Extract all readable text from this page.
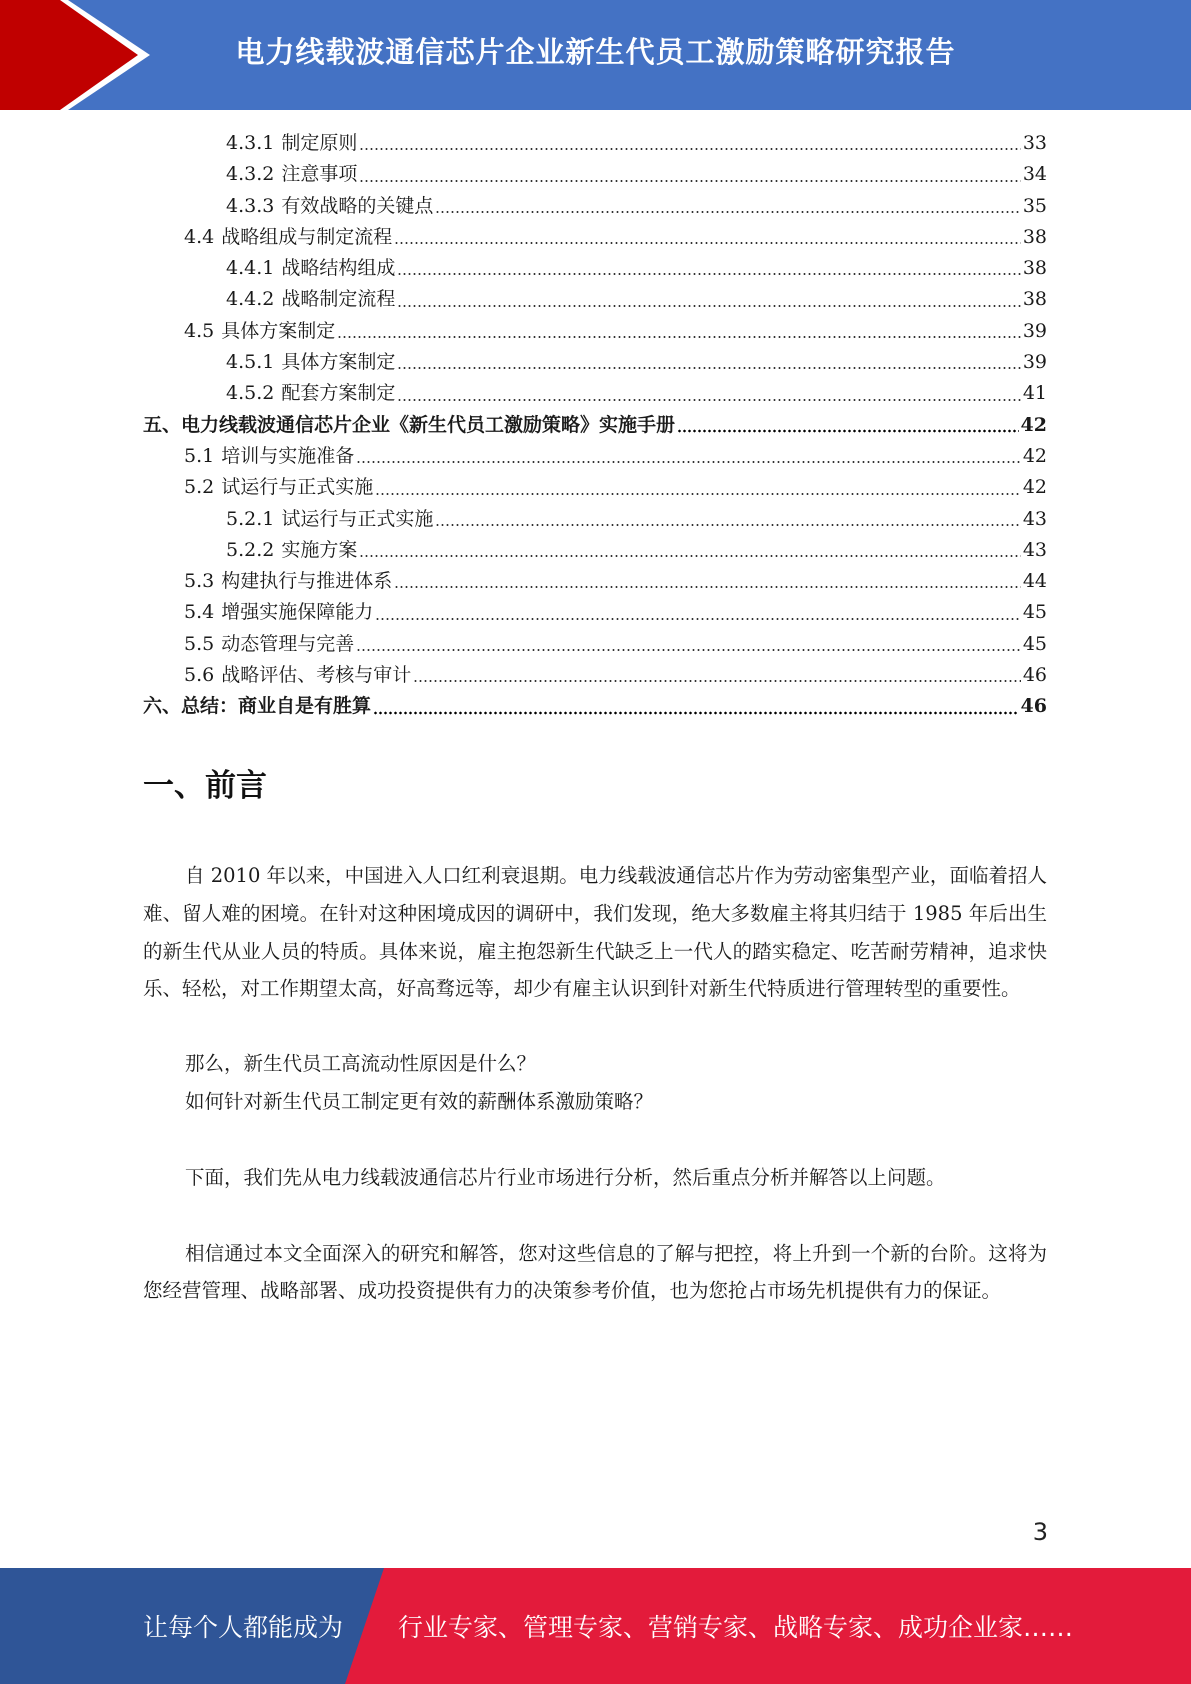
电力线载波通信芯片企业新生代员工激励策略研究报告
4.3.1 制定原则	33
4.3.2 注意事项	34
4.3.3 有效战略的关键点	35
4.4 战略组成与制定流程	38
4.4.1 战略结构组成	38
4.4.2 战略制定流程	38
4.5 具体方案制定	39
4.5.1 具体方案制定	39
4.5.2 配套方案制定	41
五、电力线载波通信芯片企业《新生代员工激励策略》实施手册	42
5.1 培训与实施准备	42
5.2 试运行与正式实施	42
5.2.1 试运行与正式实施	43
5.2.2 实施方案	43
5.3 构建执行与推进体系	44
5.4 增强实施保障能力	45
5.5 动态管理与完善	45
5.6 战略评估、考核与审计	46
六、总结：商业自是有胜算	46
一、前言

自 2010 年以来，中国进入人口红利衰退期。电力线载波通信芯片作为劳动密集型产业，面临着招人难、留人难的困境。在针对这种困境成因的调研中，我们发现，绝大多数雇主将其归结于 1985 年后出生的新生代从业人员的特质。具体来说，雇主抱怨新生代缺乏上一代人的踏实稳定、吃苦耐劳精神，追求快乐、轻松，对工作期望太高，好高骛远等，却少有雇主认识到针对新生代特质进行管理转型的重要性。

那么，新生代员工高流动性原因是什么？

如何针对新生代员工制定更有效的薪酬体系激励策略？

下面，我们先从电力线载波通信芯片行业市场进行分析，然后重点分析并解答以上问题。

相信通过本文全面深入的研究和解答，您对这些信息的了解与把控，将上升到一个新的台阶。这将为您经营管理、战略部署、成功投资提供有力的决策参考价值，也为您抢占市场先机提供有力的保证。

3
让每个人都能成为 行业专家、管理专家、营销专家、战略专家、成功企业家……
